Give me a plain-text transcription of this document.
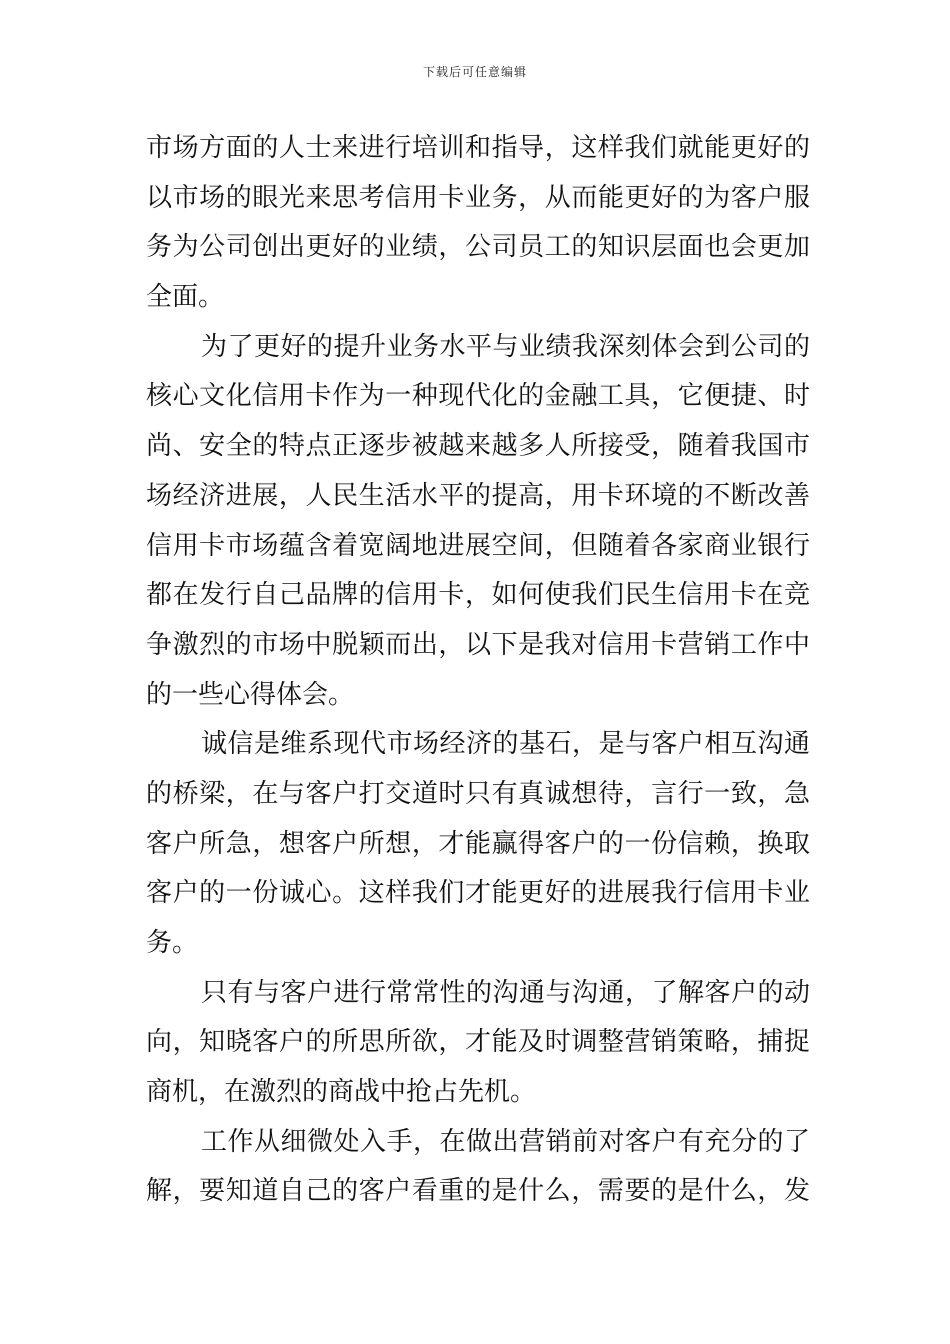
下载后可任意编辑
市场方面的人士来进行培训和指导，这样我们就能更好的
以市场的眼光来思考信用卡业务，从而能更好的为客户服
务为公司创出更好的业绩，公司员工的知识层面也会更加
全面。
为了更好的提升业务水平与业绩我深刻体会到公司的
核心文化信用卡作为一种现代化的金融工具，它便捷、时
尚、安全的特点正逐步被越来越多人所接受，随着我国市
场经济进展，人民生活水平的提高，用卡环境的不断改善
信用卡市场蕴含着宽阔地进展空间，但随着各家商业银行
都在发行自己品牌的信用卡，如何使我们民生信用卡在竞
争激烈的市场中脱颖而出，以下是我对信用卡营销工作中
的一些心得体会。
诚信是维系现代市场经济的基石，是与客户相互沟通
的桥梁，在与客户打交道时只有真诚想待，言行一致，急
客户所急，想客户所想，才能赢得客户的一份信赖，换取
客户的一份诚心。这样我们才能更好的进展我行信用卡业
务。
只有与客户进行常常性的沟通与沟通，了解客户的动
向，知晓客户的所思所欲，才能及时调整营销策略，捕捉
商机，在激烈的商战中抢占先机。
工作从细微处入手，在做出营销前对客户有充分的了
解，要知道自己的客户看重的是什么，需要的是什么，发
